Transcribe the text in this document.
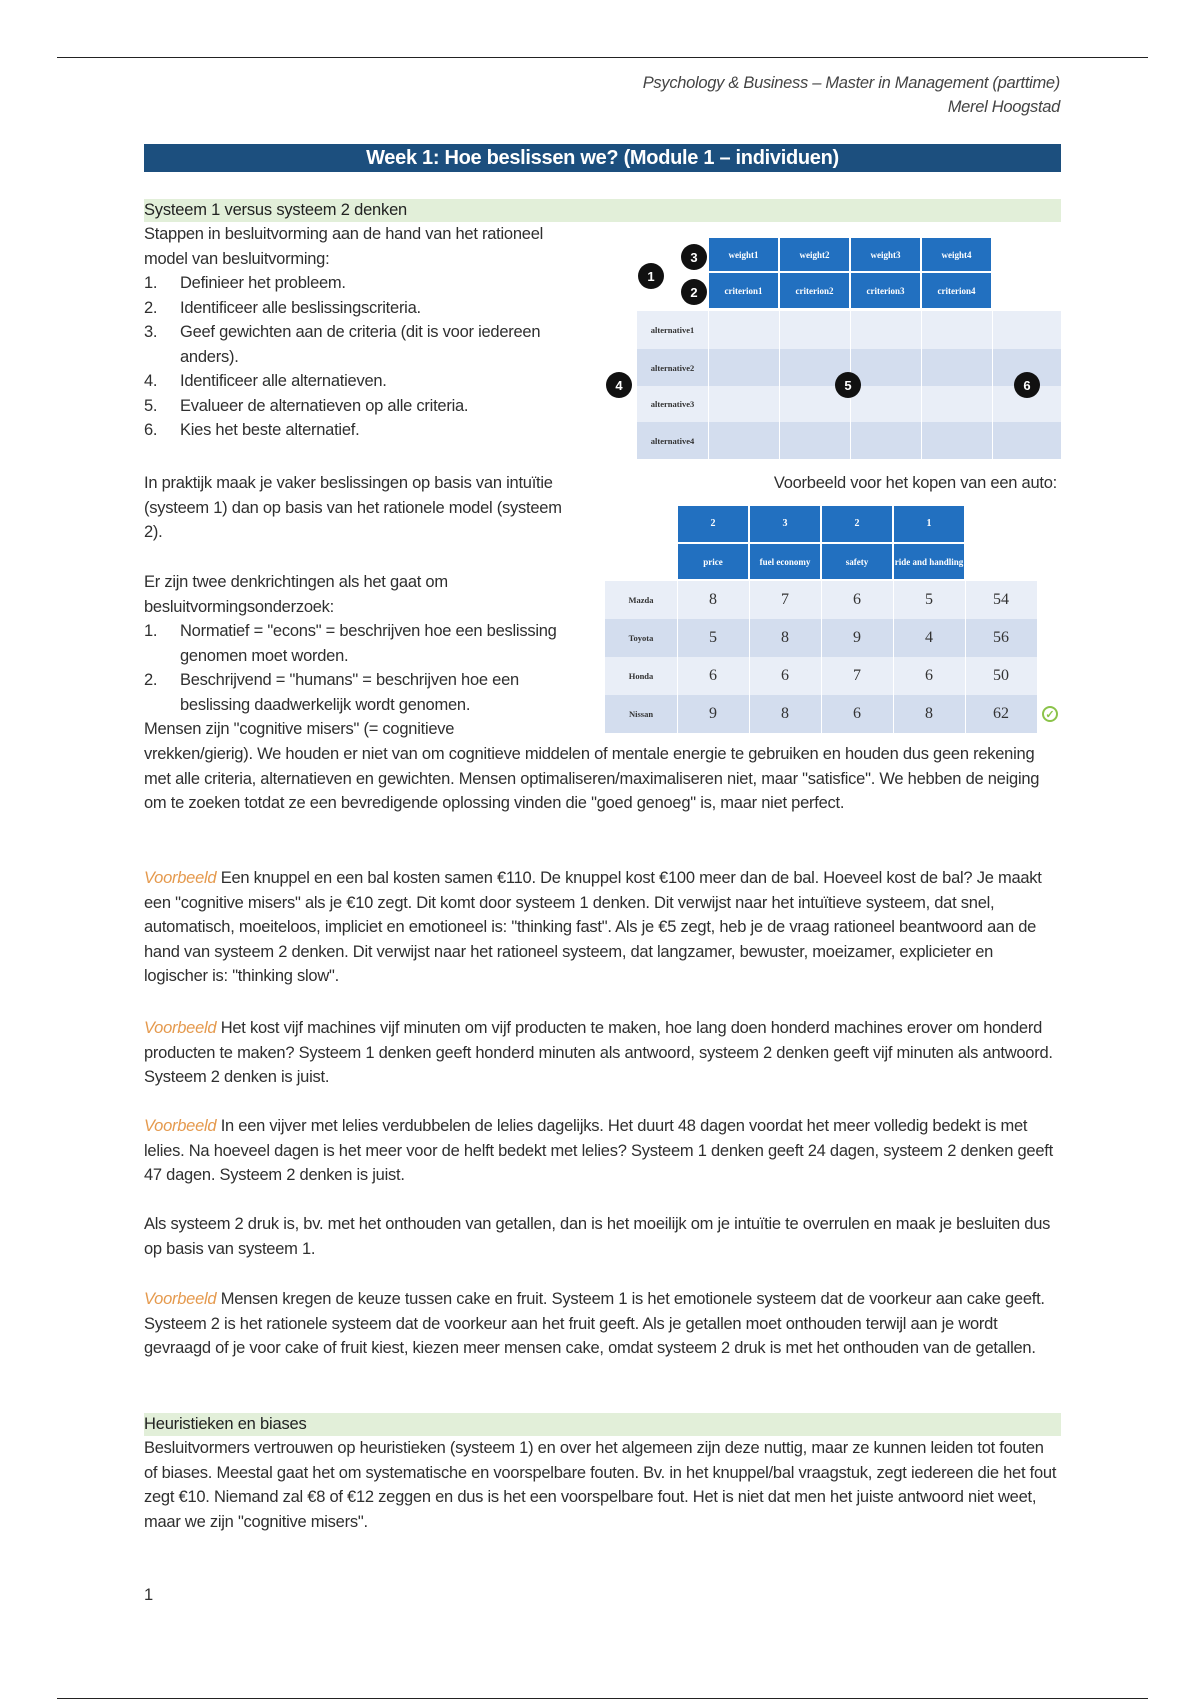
Psychology & Business – Master in Management (parttime)
Merel Hoogstad
Week 1: Hoe beslissen we? (Module 1 – individuen)
Systeem 1 versus systeem 2 denken
Stappen in besluitvorming aan de hand van het rationeel model van besluitvorming:
1. Definieer het probleem.
2. Identificeer alle beslissingscriteria.
3. Geef gewichten aan de criteria (dit is voor iedereen anders).
4. Identificeer alle alternatieven.
5. Evalueer de alternatieven op alle criteria.
6. Kies het beste alternatief.
In praktijk maak je vaker beslissingen op basis van intuïtie (systeem 1) dan op basis van het rationele model (systeem 2).
Er zijn twee denkrichtingen als het gaat om besluitvormingsonderzoek:
1. Normatief = "econs" = beschrijven hoe een beslissing genomen moet worden.
2. Beschrijvend = "humans" = beschrijven hoe een beslissing daadwerkelijk wordt genomen.
Mensen zijn "cognitive misers" (= cognitieve
vrekken/gierig). We houden er niet van om cognitieve middelen of mentale energie te gebruiken en houden dus geen rekening met alle criteria, alternatieven en gewichten. Mensen optimaliseren/maximaliseren niet, maar "satisfice". We hebben de neiging om te zoeken totdat ze een bevredigende oplossing vinden die "goed genoeg" is, maar niet perfect.
Voorbeeld Een knuppel en een bal kosten samen €110. De knuppel kost €100 meer dan de bal. Hoeveel kost de bal? Je maakt een "cognitive misers" als je €10 zegt. Dit komt door systeem 1 denken. Dit verwijst naar het intuïtieve systeem, dat snel, automatisch, moeiteloos, impliciet en emotioneel is: "thinking fast". Als je €5 zegt, heb je de vraag rationeel beantwoord aan de hand van systeem 2 denken. Dit verwijst naar het rationeel systeem, dat langzamer, bewuster, moeizamer, explicieter en logischer is: "thinking slow".
Voorbeeld Het kost vijf machines vijf minuten om vijf producten te maken, hoe lang doen honderd machines erover om honderd producten te maken? Systeem 1 denken geeft honderd minuten als antwoord, systeem 2 denken geeft vijf minuten als antwoord. Systeem 2 denken is juist.
Voorbeeld In een vijver met lelies verdubbelen de lelies dagelijks. Het duurt 48 dagen voordat het meer volledig bedekt is met lelies. Na hoeveel dagen is het meer voor de helft bedekt met lelies? Systeem 1 denken geeft 24 dagen, systeem 2 denken geeft 47 dagen. Systeem 2 denken is juist.
Als systeem 2 druk is, bv. met het onthouden van getallen, dan is het moeilijk om je intuïtie te overrulen en maak je besluiten dus op basis van systeem 1.
Voorbeeld Mensen kregen de keuze tussen cake en fruit. Systeem 1 is het emotionele systeem dat de voorkeur aan cake geeft. Systeem 2 is het rationele systeem dat de voorkeur aan het fruit geeft. Als je getallen moet onthouden terwijl aan je wordt gevraagd of je voor cake of fruit kiest, kiezen meer mensen cake, omdat systeem 2 druk is met het onthouden van de getallen.
Heuristieken en biases
Besluitvormers vertrouwen op heuristieken (systeem 1) en over het algemeen zijn deze nuttig, maar ze kunnen leiden tot fouten of biases. Meestal gaat het om systematische en voorspelbare fouten. Bv. in het knuppel/bal vraagstuk, zegt iedereen die het fout zegt €10. Niemand zal €8 of €12 zeggen en dus is het een voorspelbare fout. Het is niet dat men het juiste antwoord niet weet, maar we zijn "cognitive misers".
1
weight1	weight2	weight3	weight4
criterion1	criterion2	criterion3	criterion4
alternative1
alternative2
alternative3
alternative4
1
2
3
4	5	6
Voorbeeld voor het kopen van een auto:
2	3	2	1
price	fuel economy	safety	ride and handling
Mazda	8	7	6	5	54
Toyota	5	8	9	4	56
Honda	6	6	7	6	50
Nissan	9	8	6	8	62	✓
